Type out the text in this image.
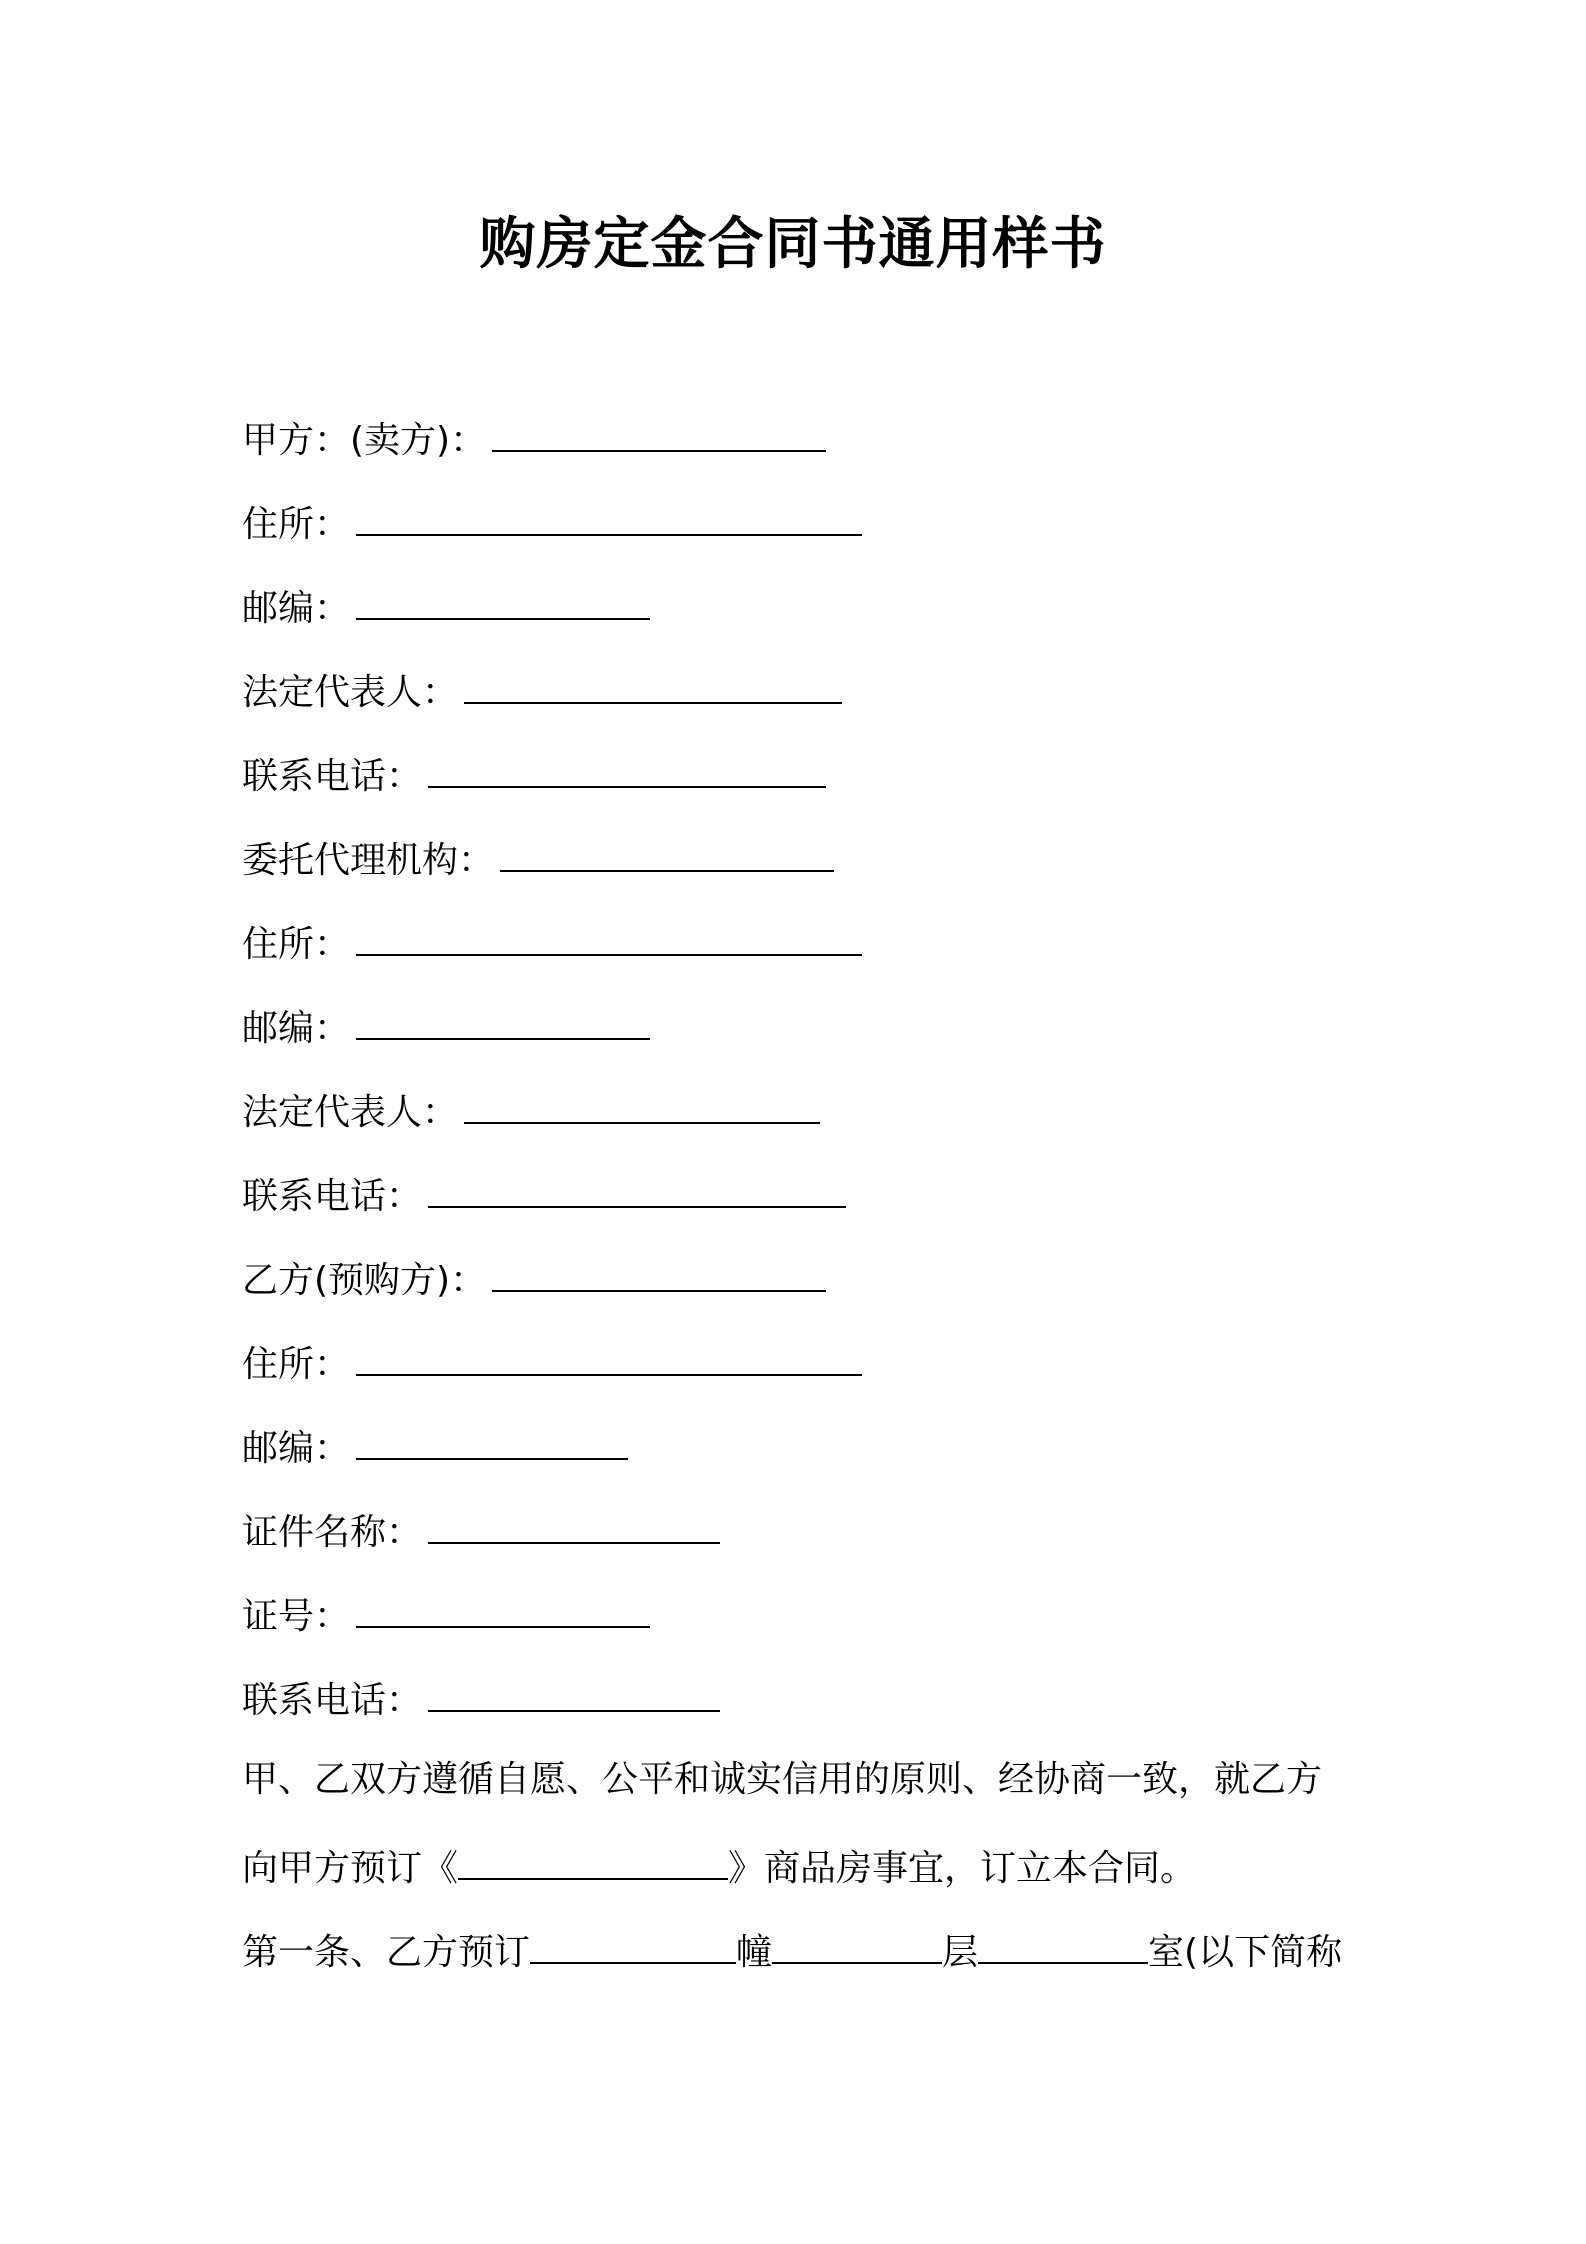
购房定金合同书通用样书
甲方：(卖方)：
住所：
邮编：
法定代表人：
联系电话：
委托代理机构：
住所：
邮编：
法定代表人：
联系电话：
乙方(预购方)：
住所：
邮编：
证件名称：
证号：
联系电话：
甲、乙双方遵循自愿、公平和诚实信用的原则、经协商一致，就乙方
向甲方预订《	》商品房事宜，订立本合同。
第一条、乙方预订	幢	层	室(以下简称
